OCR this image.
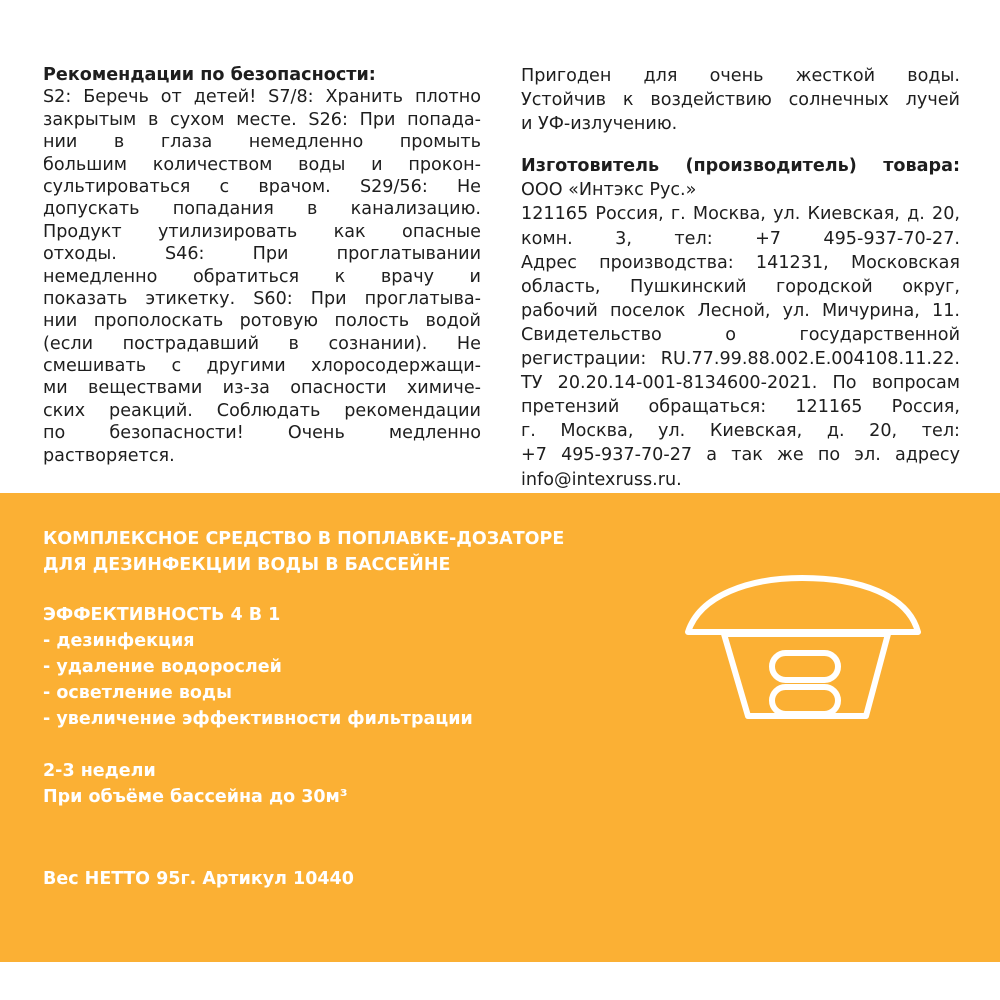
Рекомендации по безопасности:
S2: Беречь от детей! S7/8: Хранить плотно
закрытым в сухом месте. S26: При попада-
нии в глаза немедленно промыть
большим количеством воды и прокон-
сультироваться с врачом. S29/56: Не
допускать попадания в канализацию.
Продукт утилизировать как опасные
отходы. S46: При проглатывании
немедленно обратиться к врачу и
показать этикетку. S60: При проглатыва-
нии прополоскать ротовую полость водой
(если пострадавший в сознании). Не
смешивать с другими хлоросодержащи-
ми веществами из-за опасности химиче-
ских реакций. Соблюдать рекомендации
по безопасности! Очень медленно
растворяется.
Пригоден для очень жесткой воды.
Устойчив к воздействию солнечных лучей
и УФ-излучению.
Изготовитель (производитель) товара:
ООО «Интэкс Рус.»
121165 Россия, г. Москва, ул. Киевская, д. 20,
комн. 3, тел: +7 495-937-70-27.
Адрес производства: 141231, Московская
область, Пушкинский городской округ,
рабочий поселок Лесной, ул. Мичурина, 11.
Свидетельство о государственной
регистрации: RU.77.99.88.002.E.004108.11.22.
ТУ 20.20.14-001-8134600-2021. По вопросам
претензий обращаться: 121165 Россия,
г. Москва, ул. Киевская, д. 20, тел:
+7 495-937-70-27 а так же по эл. адресу
info@intexruss.ru.
КОМПЛЕКСНОЕ СРЕДСТВО В ПОПЛАВКЕ-ДОЗАТОРЕ
ДЛЯ ДЕЗИНФЕКЦИИ ВОДЫ В БАССЕЙНЕ
ЭФФЕКТИВНОСТЬ 4 В 1
- дезинфекция
- удаление водорослей
- осветление воды
- увеличение эффективности фильтрации
2-3 недели
При объёме бассейна до 30м³
Вес НЕТТО 95г. Артикул 10440
